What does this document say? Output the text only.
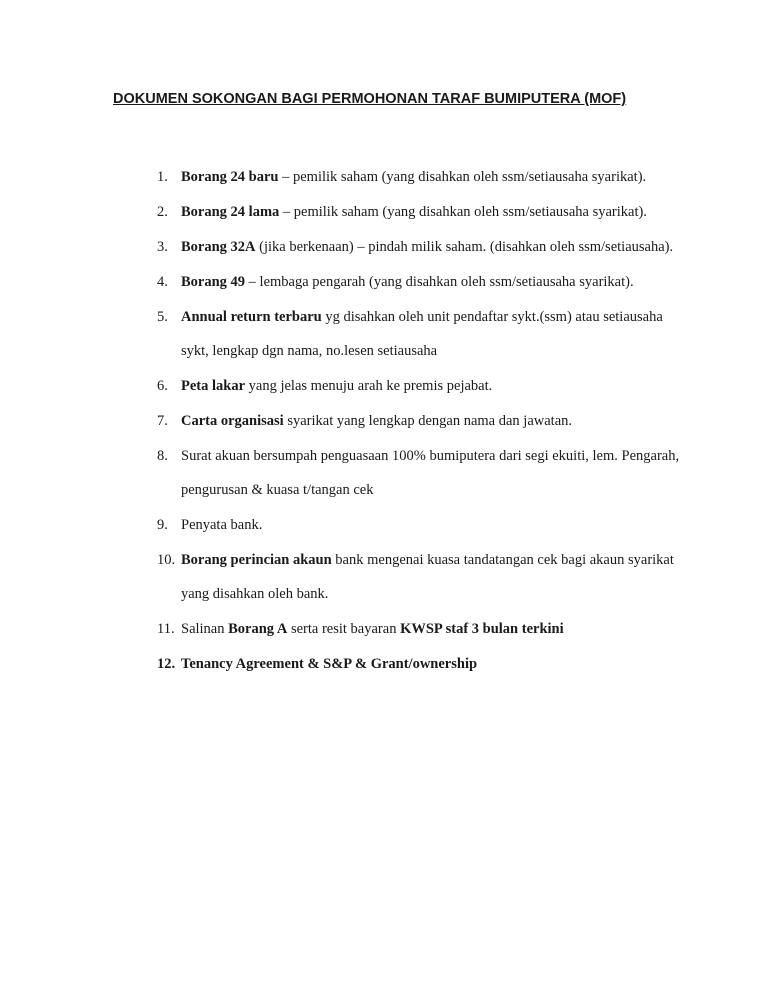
DOKUMEN SOKONGAN BAGI PERMOHONAN TARAF BUMIPUTERA (MOF)
1. Borang 24 baru – pemilik saham (yang disahkan oleh ssm/setiausaha syarikat).
2. Borang 24 lama – pemilik saham (yang disahkan oleh ssm/setiausaha syarikat).
3. Borang 32A (jika berkenaan) – pindah milik saham. (disahkan oleh ssm/setiausaha).
4. Borang 49 – lembaga pengarah (yang disahkan oleh ssm/setiausaha syarikat).
5. Annual return terbaru yg disahkan oleh unit pendaftar sykt.(ssm) atau setiausaha
sykt, lengkap dgn nama, no.lesen setiausaha
6. Peta lakar yang jelas menuju arah ke premis pejabat.
7. Carta organisasi syarikat yang lengkap dengan nama dan jawatan.
8. Surat akuan bersumpah penguasaan 100% bumiputera dari segi ekuiti, lem. Pengarah,
pengurusan & kuasa t/tangan cek
9. Penyata bank.
10. Borang perincian akaun bank mengenai kuasa tandatangan cek bagi akaun syarikat
yang disahkan oleh bank.
11. Salinan Borang A serta resit bayaran KWSP staf 3 bulan terkini
12. Tenancy Agreement & S&P & Grant/ownership
